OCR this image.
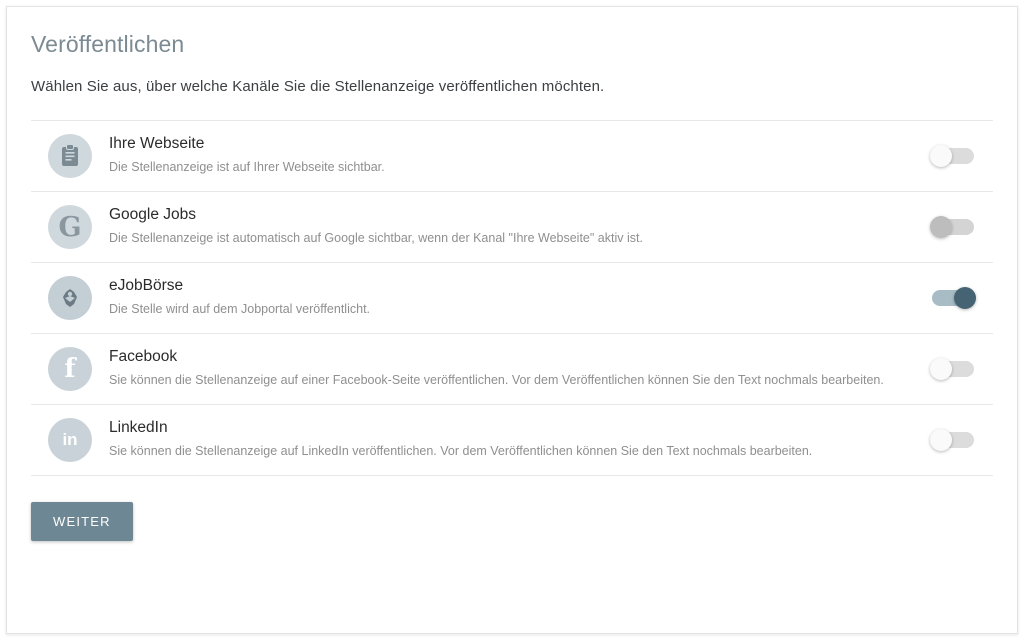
Veröffentlichen
Wählen Sie aus, über welche Kanäle Sie die Stellenanzeige veröffentlichen möchten.
Ihre Webseite
Die Stellenanzeige ist auf Ihrer Webseite sichtbar.
G	Google Jobs
Die Stellenanzeige ist automatisch auf Google sichtbar, wenn der Kanal "Ihre Webseite" aktiv ist.
eJobBörse
Die Stelle wird auf dem Jobportal veröffentlicht.
f	Facebook
Sie können die Stellenanzeige auf einer Facebook-Seite veröffentlichen. Vor dem Veröffentlichen können Sie den Text nochmals bearbeiten.
in
LinkedIn
Sie können die Stellenanzeige auf LinkedIn veröffentlichen. Vor dem Veröffentlichen können Sie den Text nochmals bearbeiten.
WEITER
